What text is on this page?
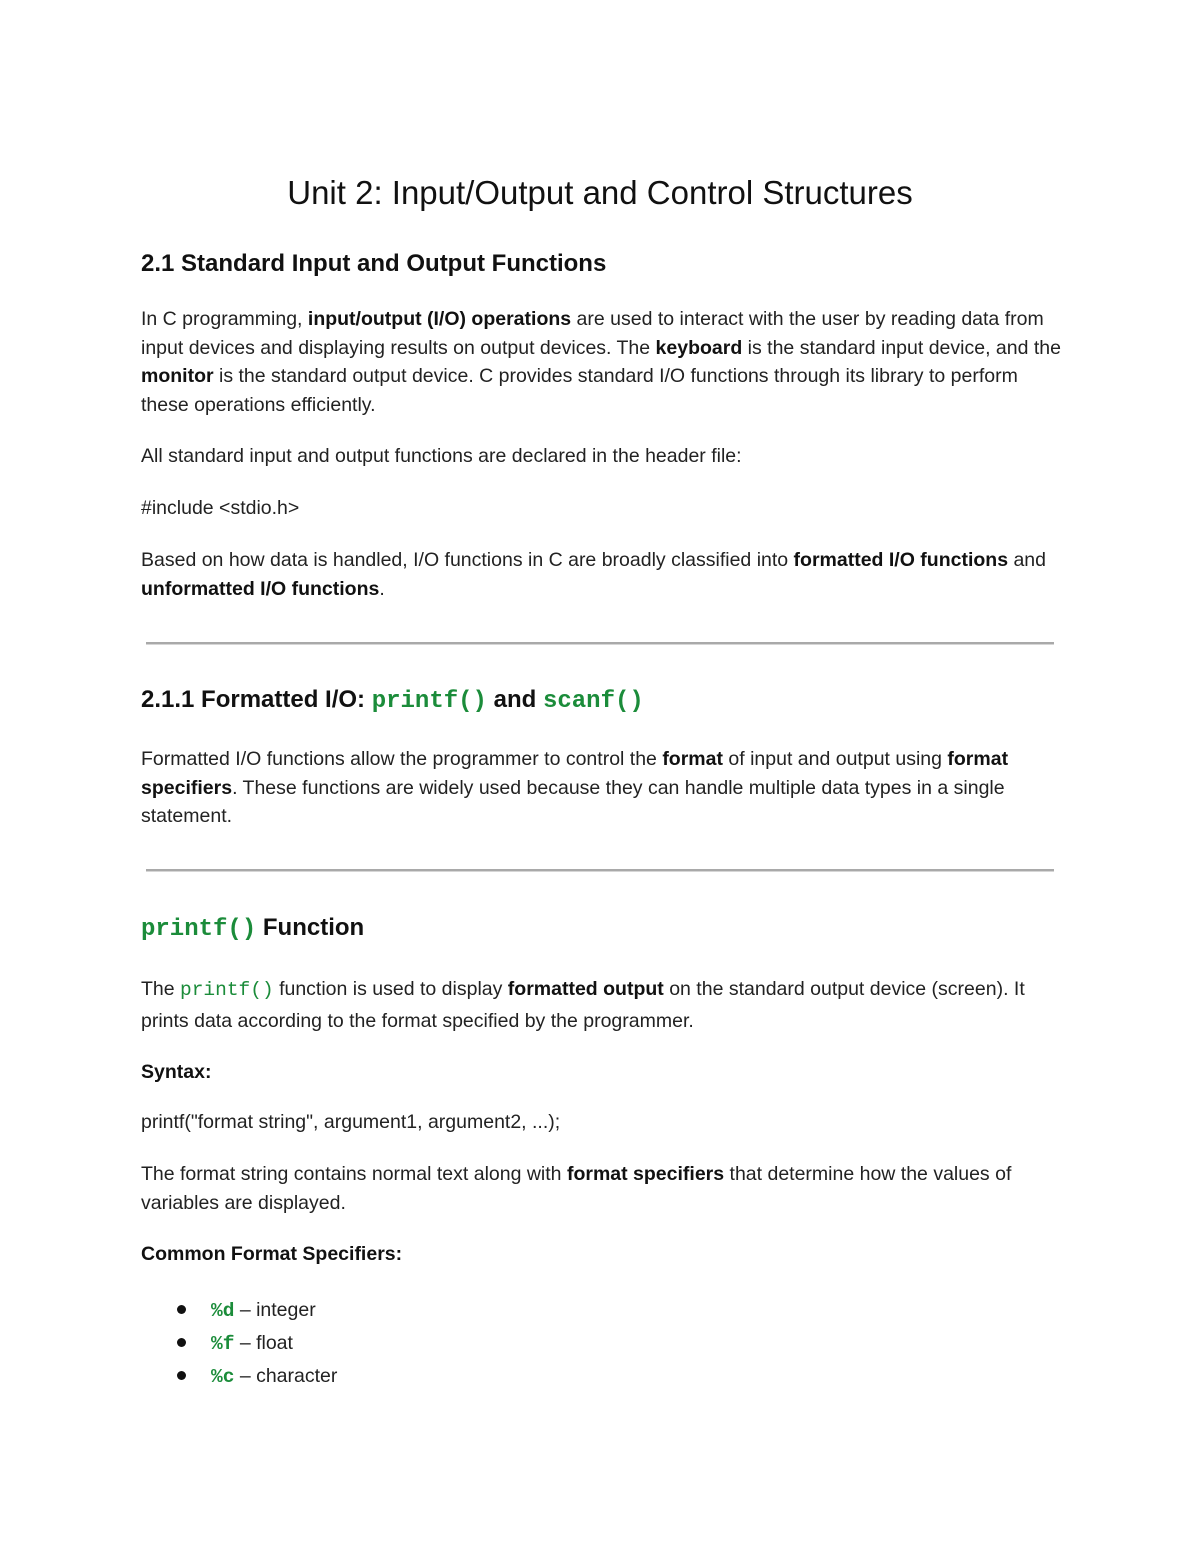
Unit 2: Input/Output and Control Structures
2.1 Standard Input and Output Functions

In C programming, input/output (I/O) operations are used to interact with the user by reading data from input devices and displaying results on output devices. The keyboard is the standard input device, and the monitor is the standard output device. C provides standard I/O functions through its library to perform these operations efficiently.

All standard input and output functions are declared in the header file:

#include <stdio.h>

Based on how data is handled, I/O functions in C are broadly classified into formatted I/O functions and unformatted I/O functions.

2.1.1 Formatted I/O: printf() and scanf()

Formatted I/O functions allow the programmer to control the format of input and output using format specifiers. These functions are widely used because they can handle multiple data types in a single statement.

printf() Function

The printf() function is used to display formatted output on the standard output device (screen). It prints data according to the format specified by the programmer.

Syntax:

printf("format string", argument1, argument2, ...);

The format string contains normal text along with format specifiers that determine how the values of variables are displayed.

Common Format Specifiers:

%d – integer
%f – float
%c – character
